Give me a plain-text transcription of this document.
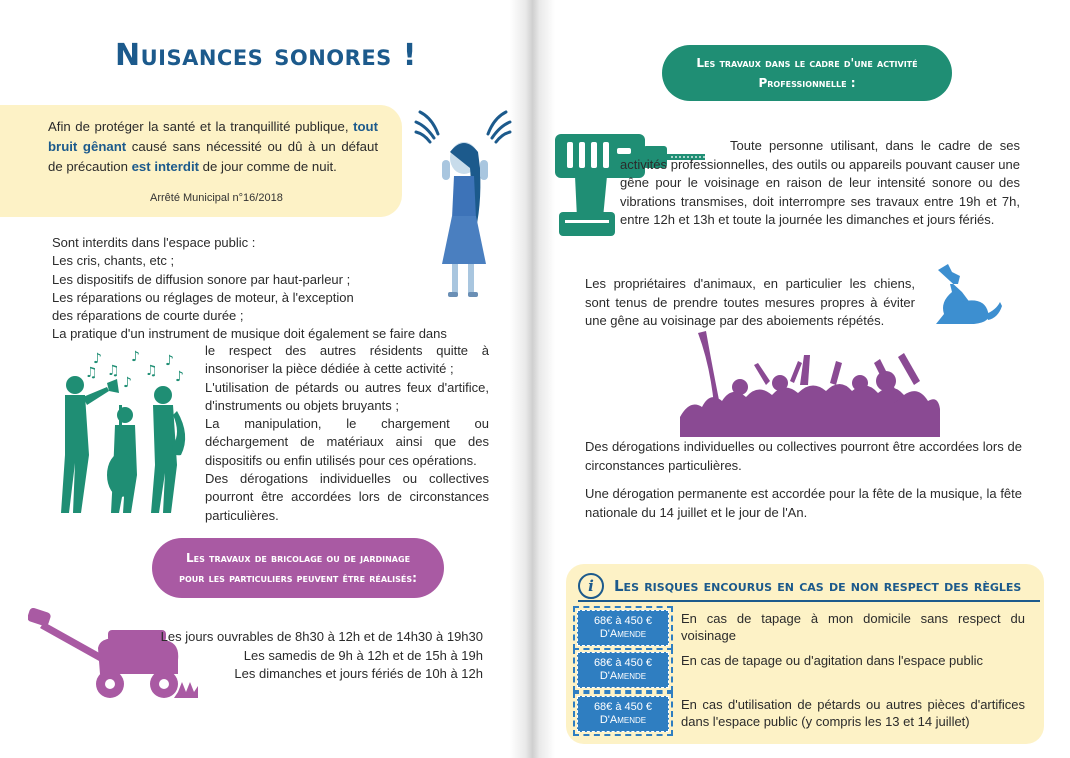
Nuisances sonores !
Afin de protéger la santé et la tranquillité publique, tout bruit gênant causé sans nécessité ou dû à un défaut de précaution est interdit de jour comme de nuit.
Arrêté Municipal n°16/2018

Sont interdits dans l'espace public :

Les cris, chants, etc ;

Les dispositifs de diffusion sonore par haut-parleur ;

Les réparations ou réglages de moteur, à l'exception

des réparations de courte durée ;

La pratique d'un instrument de musique doit également se faire dans

le respect des autres résidents quitte à insonoriser la pièce dédiée à cette activité ;

L'utilisation de pétards ou autres feux d'artifice, d'instruments ou objets bruyants ;

La manipulation, le chargement ou déchargement de matériaux ainsi que des dispositifs ou enfin utilisés pour ces opérations.

Des dérogations individuelles ou collectives pourront être accordées lors de circonstances particulières.

♪
♫
♪
♫
♪
♫
♪	♪
Les travaux de bricolage ou de jardinage
pour les particuliers peuvent être réalisés:

Les jours ouvrables de 8h30 à 12h et de 14h30 à 19h30

Les samedis de 9h à 12h et de 15h à 19h

Les dimanches et jours fériés de 10h à 12h

Les travaux dans le cadre d'une activité
Professionnelle :

Toute personne utilisant, dans le cadre de ses activités professionnelles, des outils ou appareils pouvant causer une gêne pour le voisinage en raison de leur intensité sonore ou des vibrations transmises, doit interrompre ses travaux entre 19h et 7h, entre 12h et 13h et toute la journée les dimanches et jours fériés.

Les propriétaires d'animaux, en particulier les chiens, sont tenus de prendre toutes mesures propres à éviter une gêne au voisinage par des aboiements répétés.

Des dérogations individuelles ou collectives pourront être accordées lors de circonstances particulières.

Une dérogation permanente est accordée pour la fête de la musique, la fête nationale du 14 juillet et le jour de l'An.

i	Les risques encourus en cas de non respect des règles
68€ à 450 €
D'Amende
En cas de tapage à mon domicile sans respect du voisinage
68€ à 450 €
D'Amende
En cas de tapage ou d'agitation dans l'espace public
68€ à 450 €
D'Amende
En cas d'utilisation de pétards ou autres pièces d'artifices dans l'espace public (y compris les 13 et 14 juillet)
